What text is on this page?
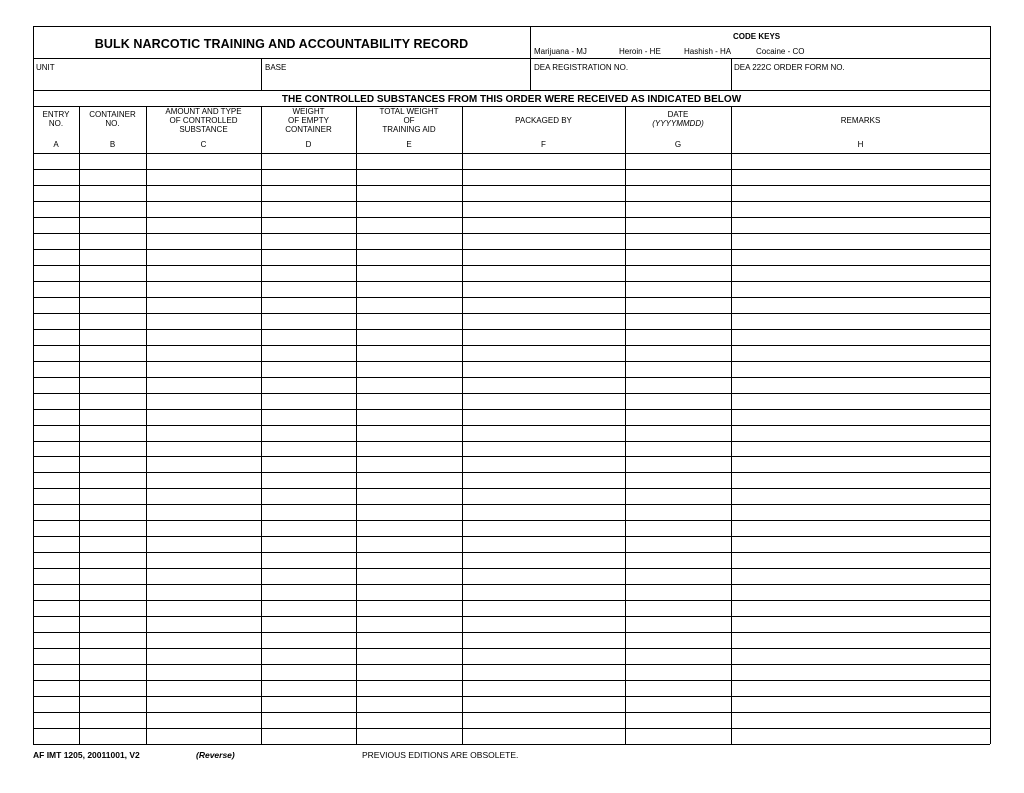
BULK NARCOTIC TRAINING AND ACCOUNTABILITY RECORD
CODE KEYS
Marijuana - MJ	Heroin - HE	Hashish - HA	Cocaine - CO
UNIT	BASE	DEA REGISTRATION NO.	DEA 222C ORDER FORM NO.
THE CONTROLLED SUBSTANCES FROM THIS ORDER WERE RECEIVED AS INDICATED BELOW
ENTRY
NO.
A
CONTAINER
NO.
B
AMOUNT AND TYPE
OF CONTROLLED
SUBSTANCE
C
WEIGHT
OF EMPTY
CONTAINER
D
TOTAL WEIGHT
OF
TRAINING AID
E
PACKAGED BY
F
DATE
(YYYYMMDD)
G
REMARKS
H
AF IMT 1205, 20011001, V2	(Reverse)	PREVIOUS EDITIONS ARE OBSOLETE.
